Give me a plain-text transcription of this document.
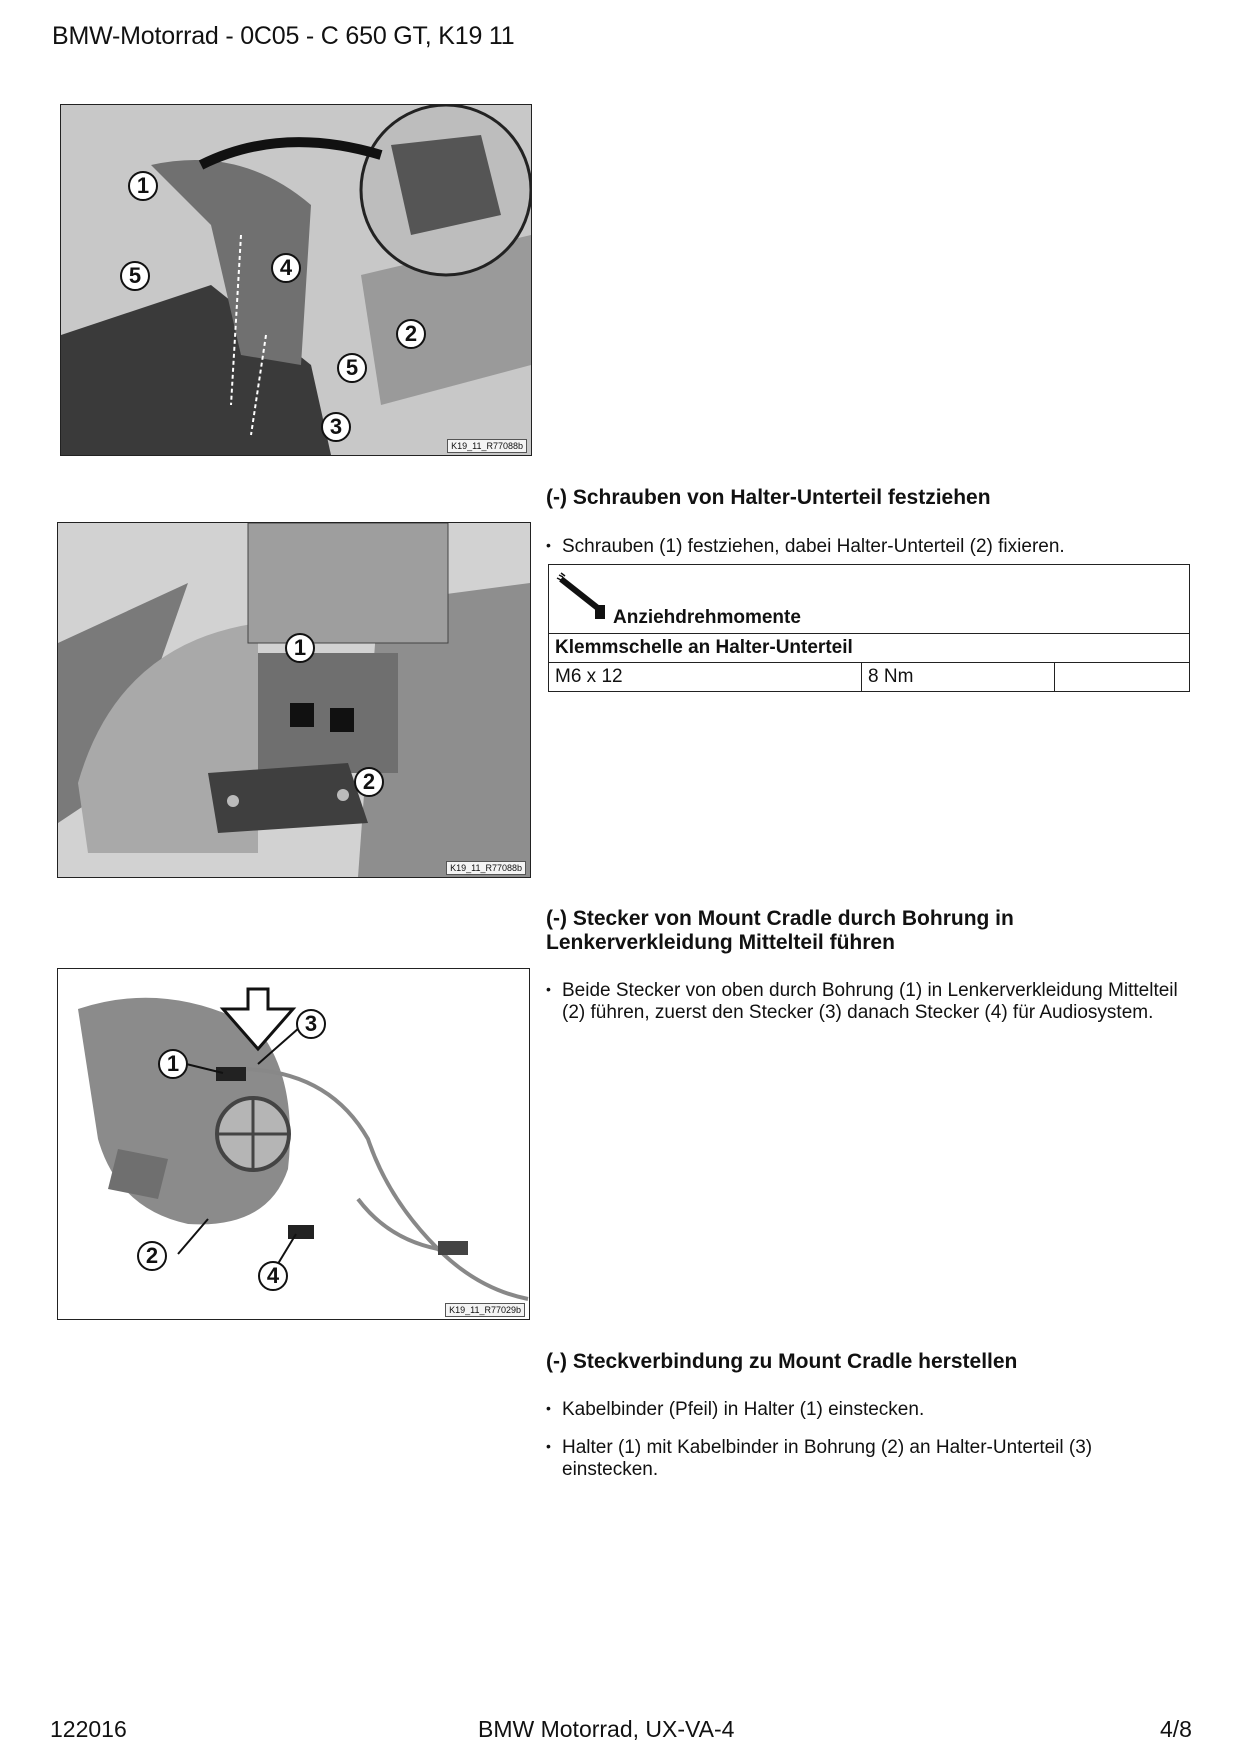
BMW-Motorrad - 0C05 - C 650 GT, K19 11
1
4
5
2
5
3
K19_11_R77088b
(-) Schrauben von Halter-Unterteil festziehen
• Schrauben (1) festziehen, dabei Halter-Unterteil (2) fixieren.
1
2
K19_11_R77088b
Anziehdrehmomente

Klemmschelle an Halter-Unterteil
M6 x 12	8 Nm	
(-) Stecker von Mount Cradle durch Bohrung in
Lenkerverkleidung Mittelteil führen
• Beide Stecker von oben durch Bohrung (1) in Lenkerverkleidung Mittelteil (2) führen, zuerst den Stecker (3) danach Stecker (4) für Audiosystem.
3
1
2
4
K19_11_R77029b
(-) Steckverbindung zu Mount Cradle herstellen
• Kabelbinder (Pfeil) in Halter (1) einstecken.
• Halter (1) mit Kabelbinder in Bohrung (2) an Halter-Unterteil (3) einstecken.
122016	BMW Motorrad, UX-VA-4	4/8
